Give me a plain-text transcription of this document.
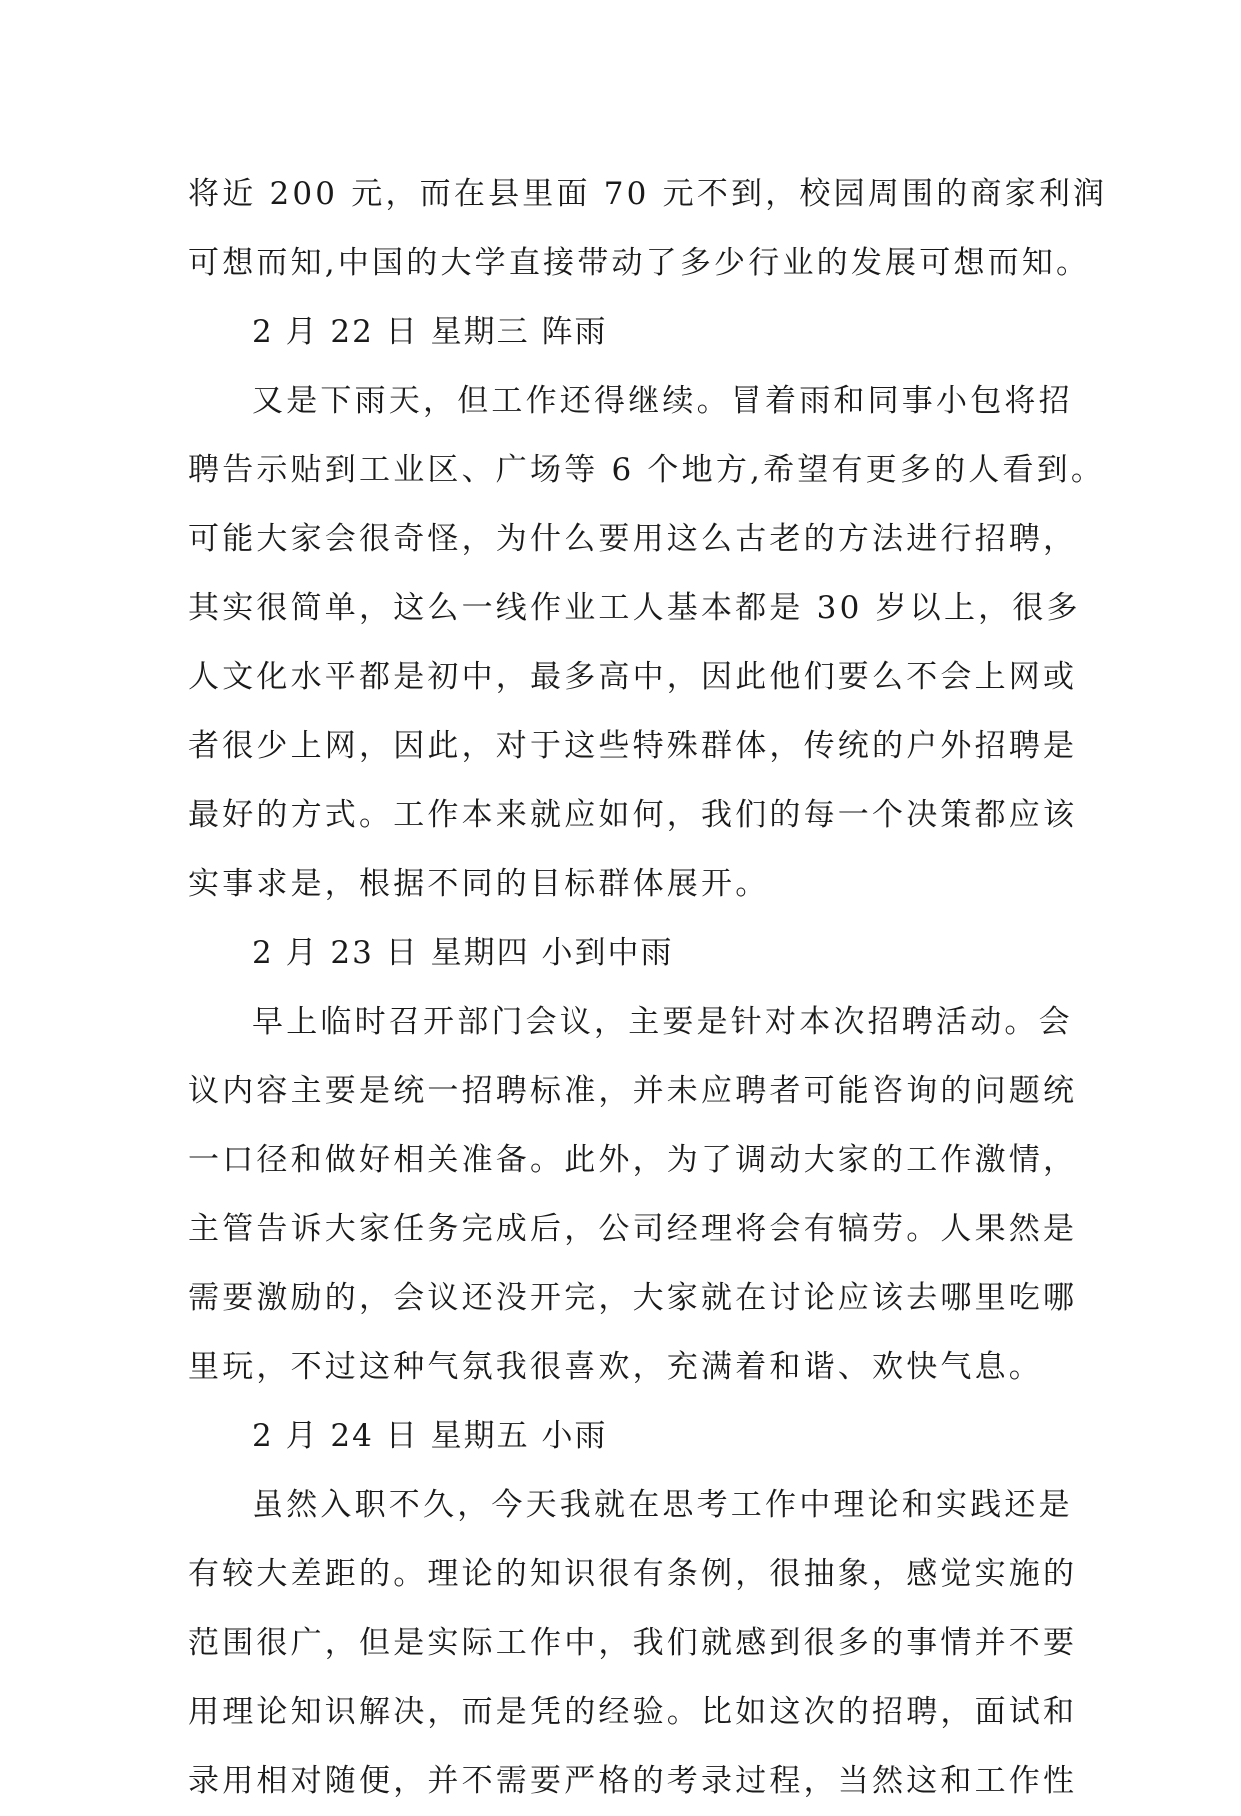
将近 200 元，而在县里面 70 元不到，校园周围的商家利润
可想而知,中国的大学直接带动了多少行业的发展可想而知。
2 月 22 日 星期三 阵雨
又是下雨天，但工作还得继续。冒着雨和同事小包将招
聘告示贴到工业区、广场等 6 个地方,希望有更多的人看到。
可能大家会很奇怪，为什么要用这么古老的方法进行招聘，
其实很简单，这么一线作业工人基本都是 30 岁以上，很多
人文化水平都是初中，最多高中，因此他们要么不会上网或
者很少上网，因此，对于这些特殊群体，传统的户外招聘是
最好的方式。工作本来就应如何，我们的每一个决策都应该
实事求是，根据不同的目标群体展开。
2 月 23 日 星期四 小到中雨
早上临时召开部门会议，主要是针对本次招聘活动。会
议内容主要是统一招聘标准，并未应聘者可能咨询的问题统
一口径和做好相关准备。此外，为了调动大家的工作激情，
主管告诉大家任务完成后，公司经理将会有犒劳。人果然是
需要激励的，会议还没开完，大家就在讨论应该去哪里吃哪
里玩，不过这种气氛我很喜欢，充满着和谐、欢快气息。
2 月 24 日 星期五 小雨
虽然入职不久，今天我就在思考工作中理论和实践还是
有较大差距的。理论的知识很有条例，很抽象，感觉实施的
范围很广，但是实际工作中，我们就感到很多的事情并不要
用理论知识解决，而是凭的经验。比如这次的招聘，面试和
录用相对随便，并不需要严格的考录过程，当然这和工作性
